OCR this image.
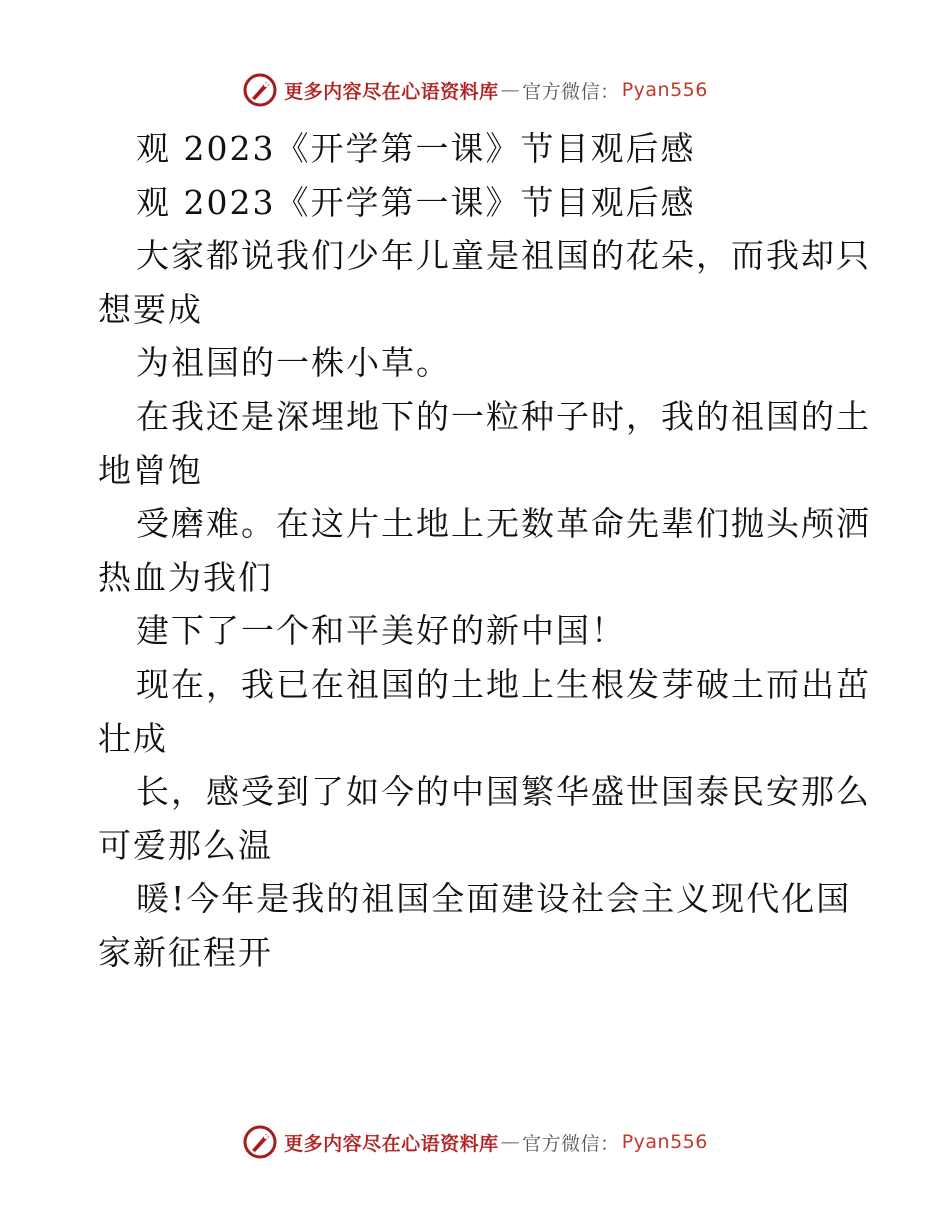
更多内容尽在心语资料库 — 官方微信： Pyan556
观 2023《开学第一课》节目观后感
观 2023《开学第一课》节目观后感
大家都说我们少年儿童是祖国的花朵，而我却只
想要成
为祖国的一株小草。
在我还是深埋地下的一粒种子时，我的祖国的土
地曾饱
受磨难。在这片土地上无数革命先辈们抛头颅洒
热血为我们
建下了一个和平美好的新中国！
现在，我已在祖国的土地上生根发芽破土而出茁
壮成
长，感受到了如今的中国繁华盛世国泰民安那么
可爱那么温
暖!今年是我的祖国全面建设社会主义现代化国
家新征程开
更多内容尽在心语资料库 — 官方微信： Pyan556
